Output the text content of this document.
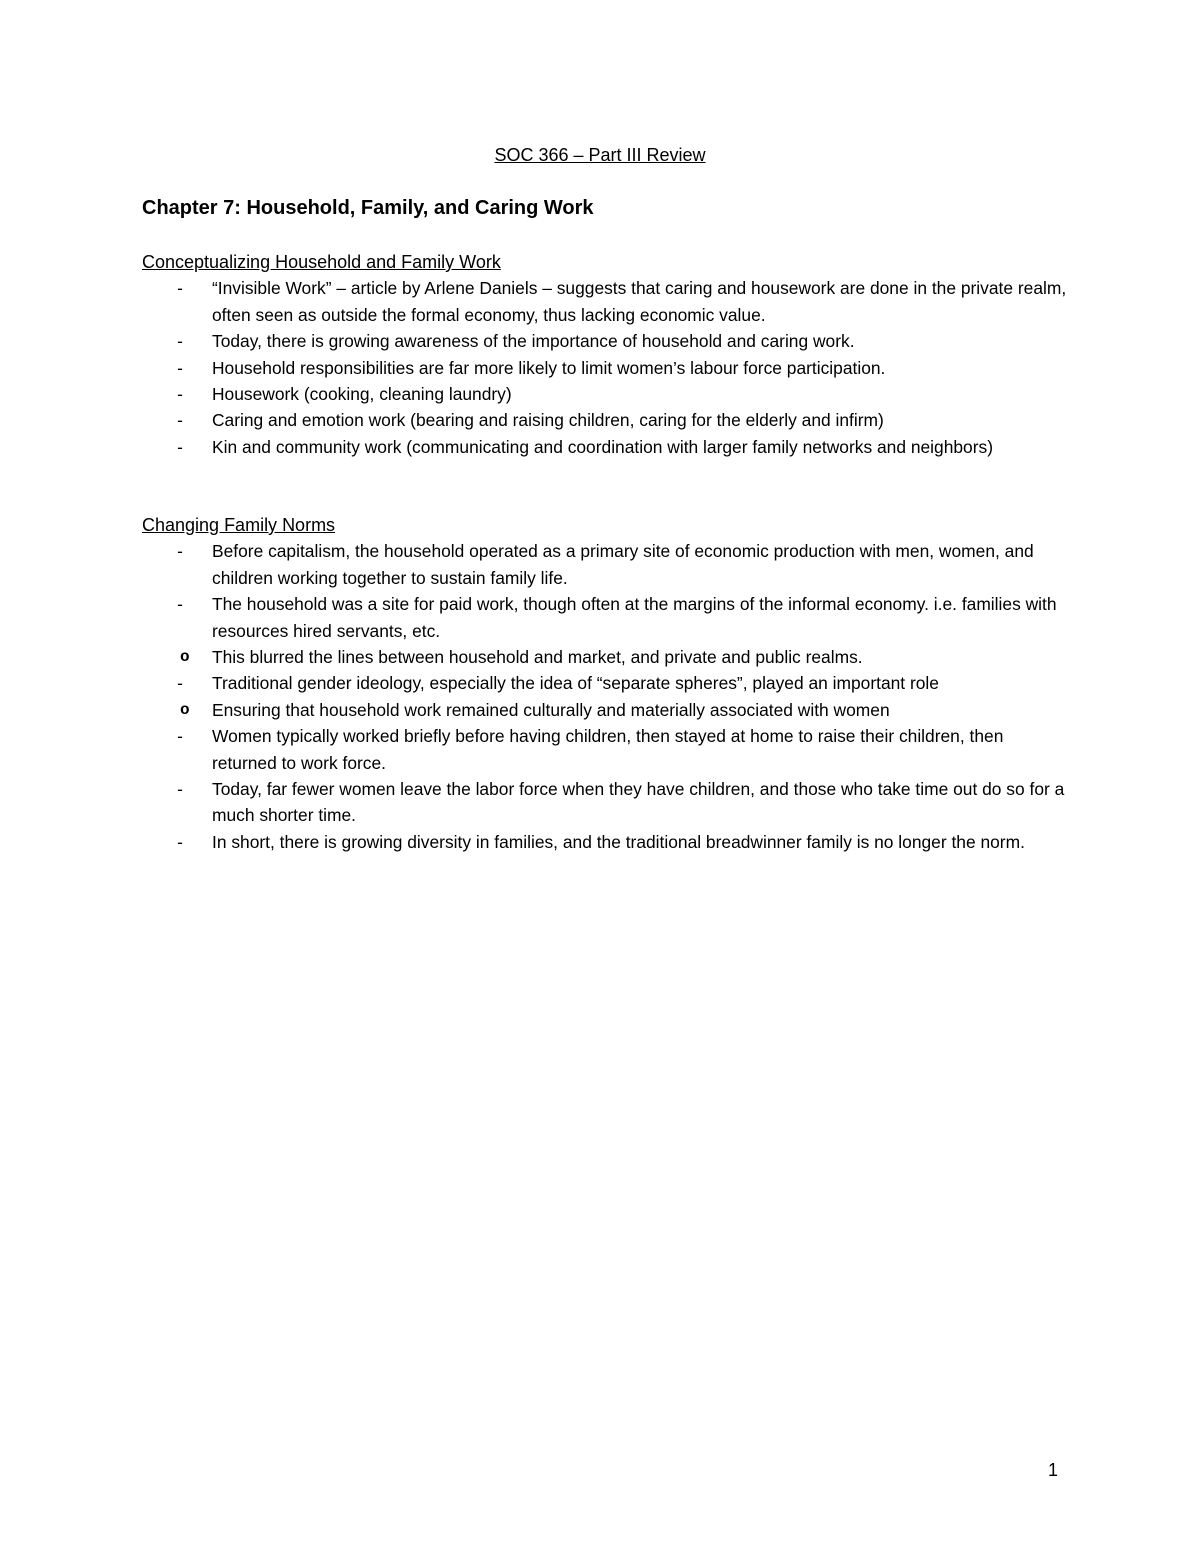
SOC 366 – Part III Review
Chapter 7: Household, Family, and Caring Work
Conceptualizing Household and Family Work
- “Invisible Work” – article by Arlene Daniels – suggests that caring and housework are done in the private realm, often seen as outside the formal economy, thus lacking economic value.
- Today, there is growing awareness of the importance of household and caring work.
- Household responsibilities are far more likely to limit women’s labour force participation.
- Housework (cooking, cleaning laundry)
- Caring and emotion work (bearing and raising children, caring for the elderly and infirm)
- Kin and community work (communicating and coordination with larger family networks and neighbors)
Changing Family Norms
- Before capitalism, the household operated as a primary site of economic production with men, women, and children working together to sustain family life.
- The household was a site for paid work, though often at the margins of the informal economy. i.e. families with resources hired servants, etc.
o This blurred the lines between household and market, and private and public realms.
- Traditional gender ideology, especially the idea of “separate spheres”, played an important role
o Ensuring that household work remained culturally and materially associated with women
- Women typically worked briefly before having children, then stayed at home to raise their children, then returned to work force.
- Today, far fewer women leave the labor force when they have children, and those who take time out do so for a much shorter time.
- In short, there is growing diversity in families, and the traditional breadwinner family is no longer the norm.
1
